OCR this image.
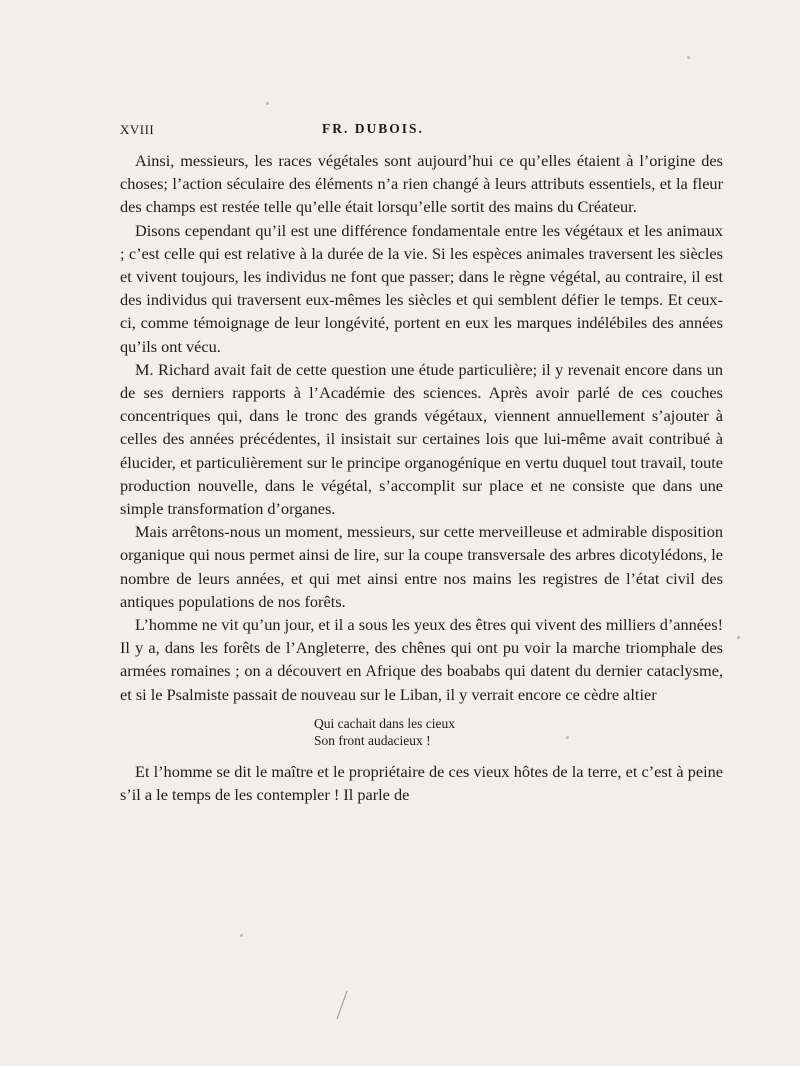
XVIII	FR. DUBOIS.

Ainsi, messieurs, les races végétales sont aujourd’hui ce qu’elles étaient à l’origine des choses; l’action séculaire des éléments n’a rien changé à leurs attributs essentiels, et la fleur des champs est restée telle qu’elle était lorsqu’elle sortit des mains du Créateur.

Disons cependant qu’il est une différence fondamentale entre les végétaux et les animaux ; c’est celle qui est relative à la durée de la vie. Si les espèces animales traversent les siècles et vivent toujours, les individus ne font que passer; dans le règne végétal, au contraire, il est des individus qui traversent eux-mêmes les siècles et qui semblent défier le temps. Et ceux-ci, comme témoignage de leur longévité, portent en eux les marques indélébiles des années qu’ils ont vécu.

M. Richard avait fait de cette question une étude particulière; il y revenait encore dans un de ses derniers rapports à l’Académie des sciences. Après avoir parlé de ces couches concentriques qui, dans le tronc des grands végétaux, viennent annuellement s’ajouter à celles des années précédentes, il insistait sur certaines lois que lui-même avait contribué à élucider, et particulièrement sur le principe organogénique en vertu duquel tout travail, toute production nouvelle, dans le végétal, s’accomplit sur place et ne consiste que dans une simple transformation d’organes.

Mais arrêtons-nous un moment, messieurs, sur cette merveilleuse et admirable disposition organique qui nous permet ainsi de lire, sur la coupe transversale des arbres dicotylédons, le nombre de leurs années, et qui met ainsi entre nos mains les registres de l’état civil des antiques populations de nos forêts.

L’homme ne vit qu’un jour, et il a sous les yeux des êtres qui vivent des milliers d’années! Il y a, dans les forêts de l’Angleterre, des chênes qui ont pu voir la marche triomphale des armées romaines ; on a découvert en Afrique des boababs qui datent du dernier cataclysme, et si le Psalmiste passait de nouveau sur le Liban, il y verrait encore ce cèdre altier

Qui cachait dans les cieux
Son front audacieux !

Et l’homme se dit le maître et le propriétaire de ces vieux hôtes de la terre, et c’est à peine s’il a le temps de les contempler ! Il parle de
